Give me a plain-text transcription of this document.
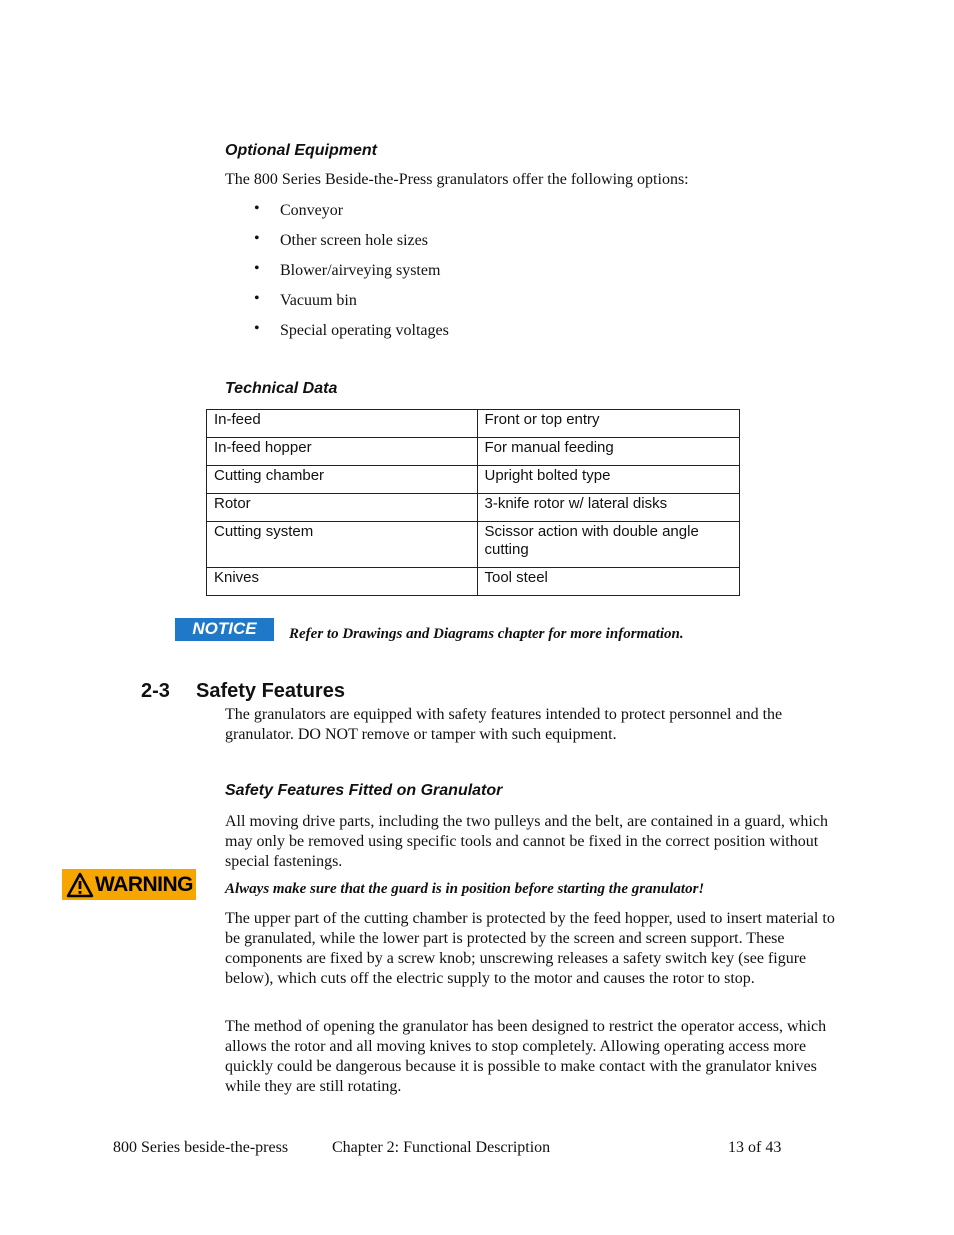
Optional Equipment
The 800 Series Beside-the-Press granulators offer the following options:
• Conveyor
• Other screen hole sizes
• Blower/airveying system
• Vacuum bin
• Special operating voltages
Technical Data
In-feed	Front or top entry
In-feed hopper	For manual feeding
Cutting chamber	Upright bolted type
Rotor	3-knife rotor w/ lateral disks
Cutting system	Scissor action with double angle cutting
Knives	Tool steel
NOTICE	Refer to Drawings and Diagrams chapter for more information.
2-3 Safety Features
The granulators are equipped with safety features intended to protect personnel and the granulator. DO NOT remove or tamper with such equipment.
Safety Features Fitted on Granulator
All moving drive parts, including the two pulleys and the belt, are contained in a guard, which may only be removed using specific tools and cannot be fixed in the correct position without special fastenings.
WARNING Always make sure that the guard is in position before starting the granulator!
The upper part of the cutting chamber is protected by the feed hopper, used to insert material to be granulated, while the lower part is protected by the screen and screen support. These components are fixed by a screw knob; unscrewing releases a safety switch key (see figure below), which cuts off the electric supply to the motor and causes the rotor to stop.
The method of opening the granulator has been designed to restrict the operator access, which allows the rotor and all moving knives to stop completely. Allowing operating access more quickly could be dangerous because it is possible to make contact with the granulator knives while they are still rotating.
800 Series beside-the-press	Chapter 2: Functional Description	13 of 43
